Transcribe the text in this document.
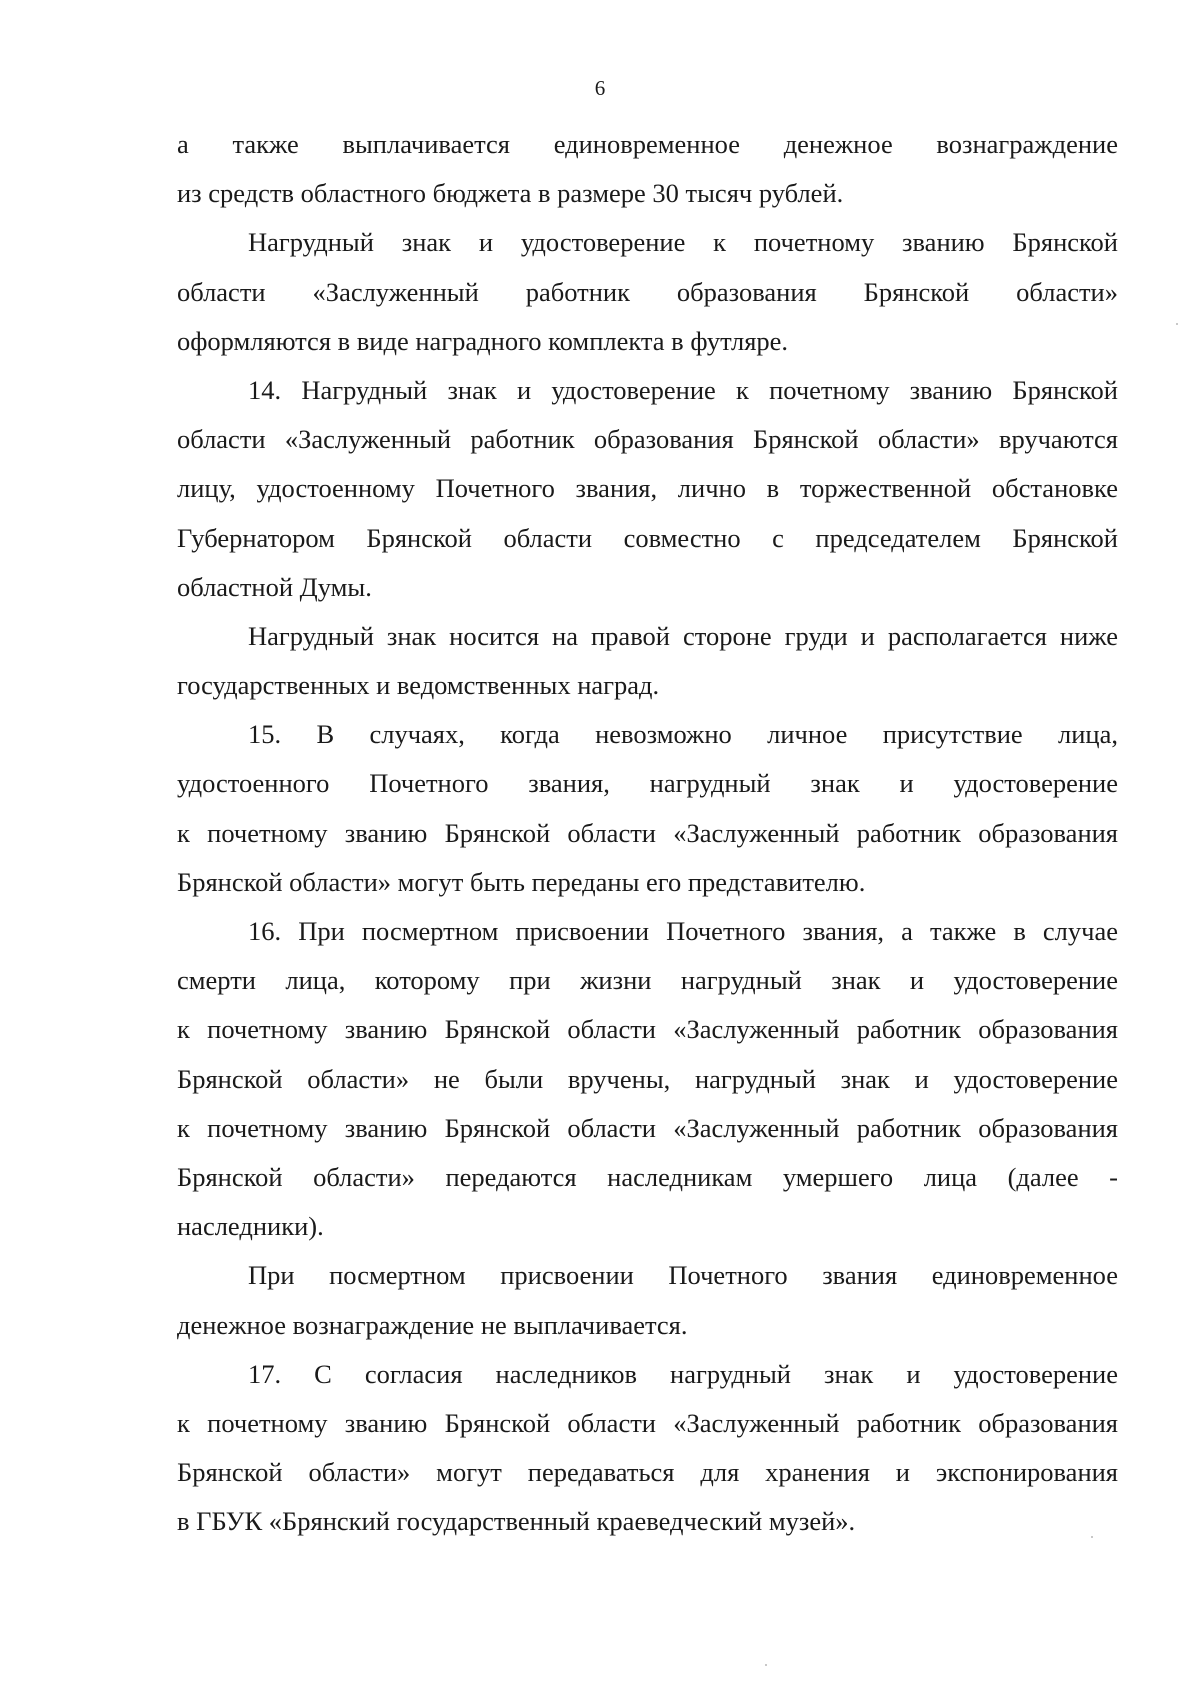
6

а также выплачивается единовременное денежное вознаграждение
из средств областного бюджета в размере 30 тысяч рублей.

Нагрудный знак и удостоверение к почетному званию Брянской
области «Заслуженный работник образования Брянской области»
оформляются в виде наградного комплекта в футляре.

14. Нагрудный знак и удостоверение к почетному званию Брянской
области «Заслуженный работник образования Брянской области» вручаются
лицу, удостоенному Почетного звания, лично в торжественной обстановке
Губернатором Брянской области совместно с председателем Брянской
областной Думы.

Нагрудный знак носится на правой стороне груди и располагается ниже
государственных и ведомственных наград.

15. В случаях, когда невозможно личное присутствие лица,
удостоенного Почетного звания, нагрудный знак и удостоверение
к почетному званию Брянской области «Заслуженный работник образования
Брянской области» могут быть переданы его представителю.

16. При посмертном присвоении Почетного звания, а также в случае
смерти лица, которому при жизни нагрудный знак и удостоверение
к почетному званию Брянской области «Заслуженный работник образования
Брянской области» не были вручены, нагрудный знак и удостоверение
к почетному званию Брянской области «Заслуженный работник образования
Брянской области» передаются наследникам умершего лица (далее -
наследники).

При посмертном присвоении Почетного звания единовременное
денежное вознаграждение не выплачивается.

17. С согласия наследников нагрудный знак и удостоверение
к почетному званию Брянской области «Заслуженный работник образования
Брянской области» могут передаваться для хранения и экспонирования
в ГБУК «Брянский государственный краеведческий музей».
